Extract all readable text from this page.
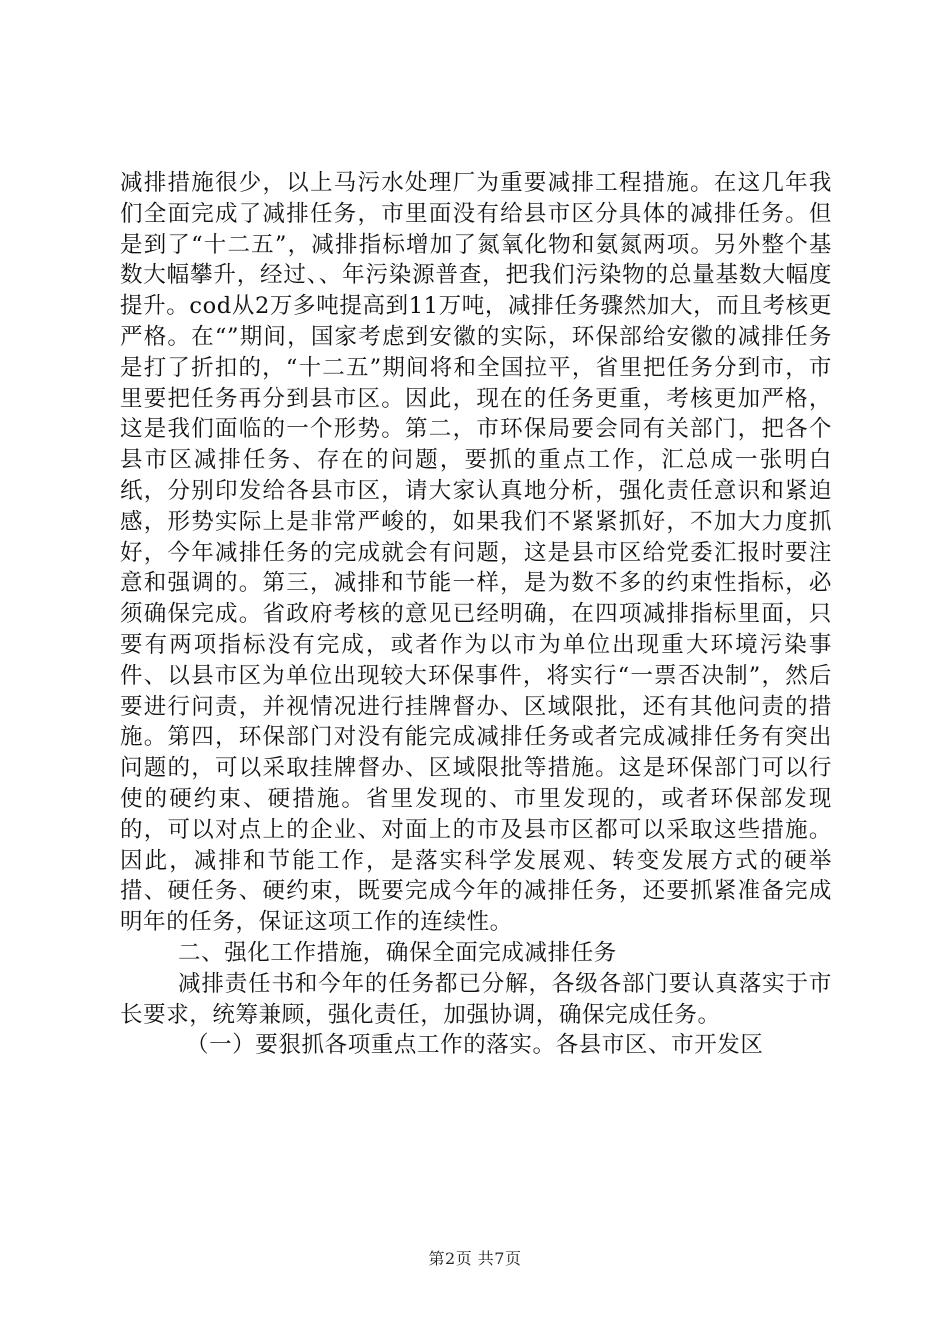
减排措施很少，以上马污水处理厂为重要减排工程措施。在这几年我们全面完成了减排任务，市里面没有给县市区分具体的减排任务。但是到了“十二五”，减排指标增加了氮氧化物和氨氮两项。另外整个基数大幅攀升，经过、、年污染源普查，把我们污染物的总量基数大幅度提升。cod从2万多吨提高到11万吨，减排任务骤然加大，而且考核更严格。在“”期间，国家考虑到安徽的实际，环保部给安徽的减排任务是打了折扣的，“十二五”期间将和全国拉平，省里把任务分到市，市里要把任务再分到县市区。因此，现在的任务更重，考核更加严格，这是我们面临的一个形势。第二，市环保局要会同有关部门，把各个县市区减排任务、存在的问题，要抓的重点工作，汇总成一张明白纸，分别印发给各县市区，请大家认真地分析，强化责任意识和紧迫感，形势实际上是非常严峻的，如果我们不紧紧抓好，不加大力度抓好，今年减排任务的完成就会有问题，这是县市区给党委汇报时要注意和强调的。第三，减排和节能一样，是为数不多的约束性指标，必须确保完成。省政府考核的意见已经明确，在四项减排指标里面，只要有两项指标没有完成，或者作为以市为单位出现重大环境污染事件、以县市区为单位出现较大环保事件，将实行“一票否决制”，然后要进行问责，并视情况进行挂牌督办、区域限批，还有其他问责的措施。第四，环保部门对没有能完成减排任务或者完成减排任务有突出问题的，可以采取挂牌督办、区域限批等措施。这是环保部门可以行使的硬约束、硬措施。省里发现的、市里发现的，或者环保部发现的，可以对点上的企业、对面上的市及县市区都可以采取这些措施。因此，减排和节能工作，是落实科学发展观、转变发展方式的硬举措、硬任务、硬约束，既要完成今年的减排任务，还要抓紧准备完成明年的任务，保证这项工作的连续性。

二、强化工作措施，确保全面完成减排任务

减排责任书和今年的任务都已分解，各级各部门要认真落实于市长要求，统筹兼顾，强化责任，加强协调，确保完成任务。

（一）要狠抓各项重点工作的落实。各县市区、市开发区

第2页 共7页
